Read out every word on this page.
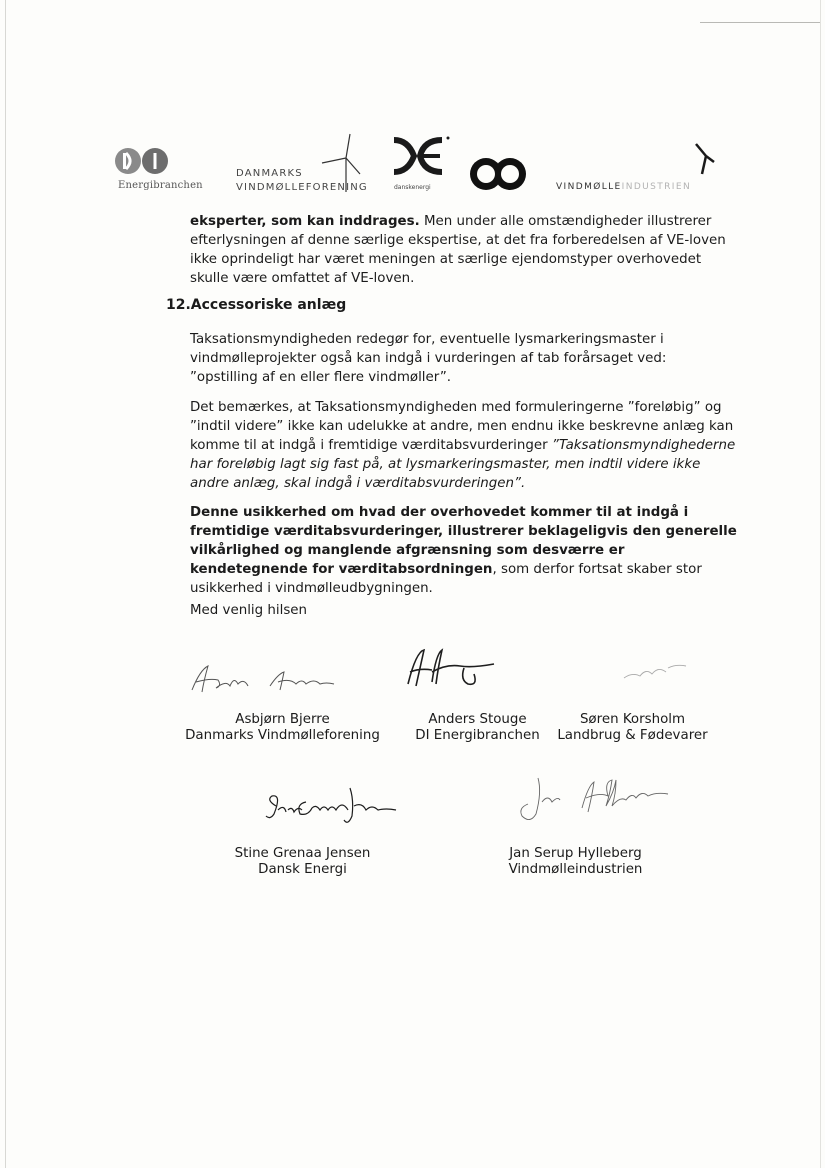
Energibranchen
DANMARKS
VINDMØLLEFORENING	danskenergi	VINDMØLLEINDUSTRIEN

eksperter, som kan inddrages. Men under alle omstændigheder illustrerer
efterlysningen af denne særlige ekspertise, at det fra forberedelsen af VE-loven
ikke oprindeligt har været meningen at særlige ejendomstyper overhovedet
skulle være omfattet af VE-loven.

12.Accessoriske anlæg

Taksationsmyndigheden redegør for, eventuelle lysmarkeringsmaster i
vindmølleprojekter også kan indgå i vurderingen af tab forårsaget ved:
”opstilling af en eller flere vindmøller”.

Det bemærkes, at Taksationsmyndigheden med formuleringerne ”foreløbig” og
”indtil videre” ikke kan udelukke at andre, men endnu ikke beskrevne anlæg kan
komme til at indgå i fremtidige værditabsvurderinger ”Taksationsmyndighederne
har foreløbig lagt sig fast på, at lysmarkeringsmaster, men indtil videre ikke
andre anlæg, skal indgå i værditabsvurderingen”.

Denne usikkerhed om hvad der overhovedet kommer til at indgå i
fremtidige værditabsvurderinger, illustrerer beklageligvis den generelle
vilkårlighed og manglende afgrænsning som desværre er
kendetegnende for værditabsordningen, som derfor fortsat skaber stor
usikkerhed i vindmølleudbygningen.

Med venlig hilsen

Asbjørn Bjerre
Danmarks Vindmølleforening
Anders Stouge
DI Energibranchen
Søren Korsholm
Landbrug & Fødevarer
Stine Grenaa Jensen
Dansk Energi
Jan Serup Hylleberg
Vindmølleindustrien
